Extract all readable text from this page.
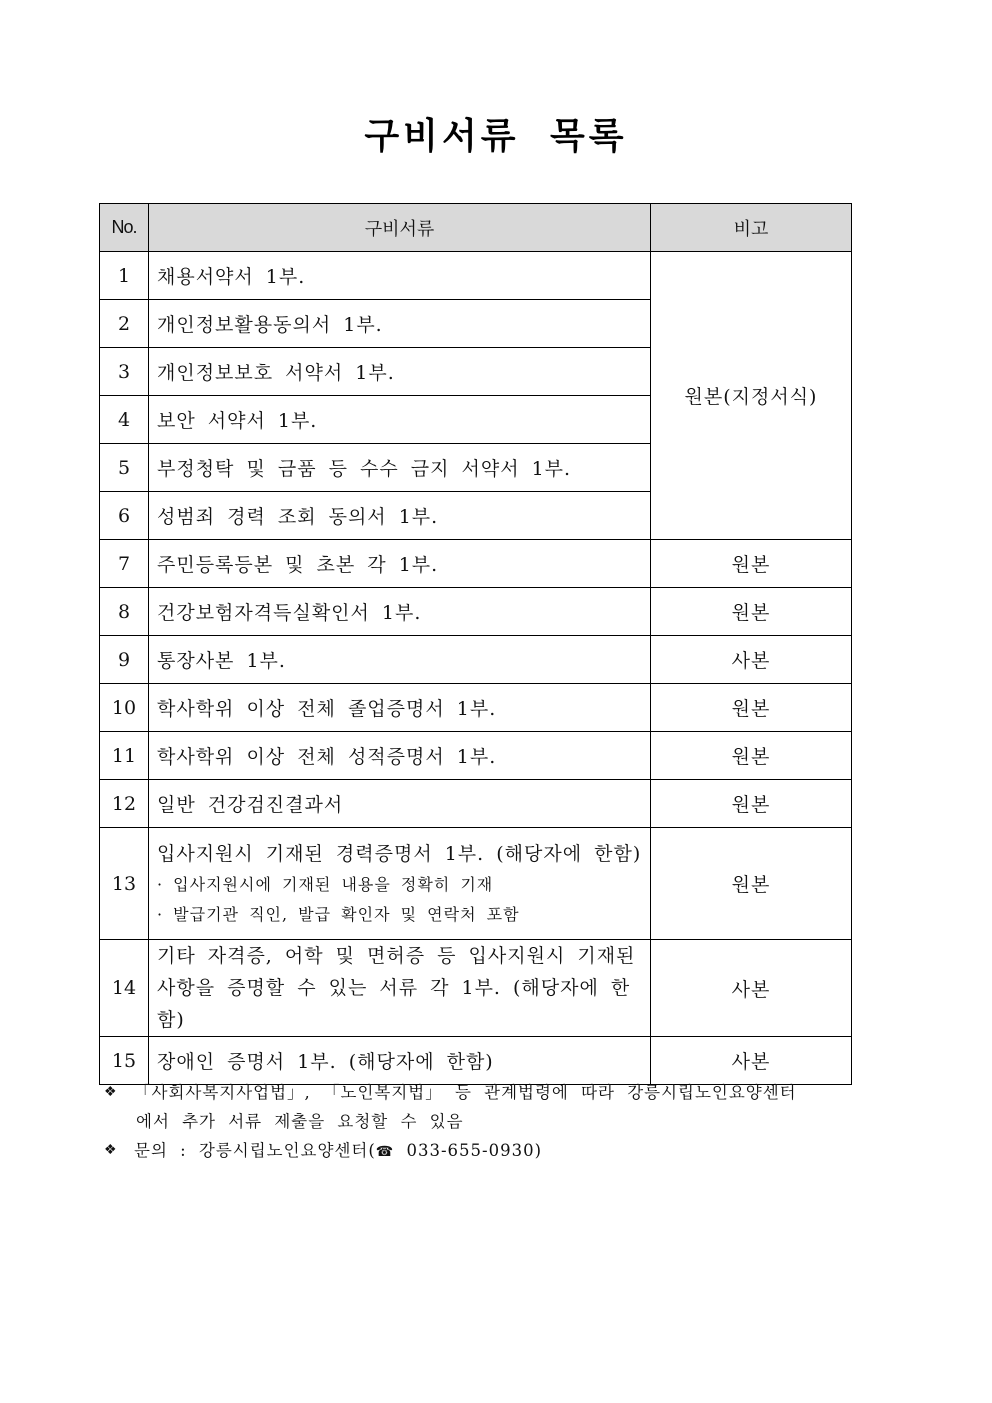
구비서류 목록
No.	구비서류	비고
1	채용서약서 1부.	원본(지정서식)
2	개인정보활용동의서 1부.	
3	개인정보보호 서약서 1부.	
4	보안 서약서 1부.	
5	부정청탁 및 금품 등 수수 금지 서약서 1부.	
6	성범죄 경력 조회 동의서 1부.	
7	주민등록등본 및 초본 각 1부.	원본
8	건강보험자격득실확인서 1부.	원본
9	통장사본 1부.	사본
10	학사학위 이상 전체 졸업증명서 1부.	원본
11	학사학위 이상 전체 성적증명서 1부.	원본
12	일반 건강검진결과서	원본
13	입사지원시 기재된 경력증명서 1부. (해당자에 한함)
· 입사지원시에 기재된 내용을 정확히 기재
· 발급기관 직인, 발급 확인자 및 연락처 포함	원본
14	기타 자격증, 어학 및 면허증 등 입사지원시 기재된
사항을 증명할 수 있는 서류 각 1부. (해당자에 한함)	사본
15	장애인 증명서 1부. (해당자에 한함)	사본
❖ 「사회사복지사업법」, 「노인복지법」 등 관계법령에 따라 강릉시립노인요양센터
에서 추가 서류 제출을 요청할 수 있음
❖ 문의 : 강릉시립노인요양센터(☎ 033-655-0930)
